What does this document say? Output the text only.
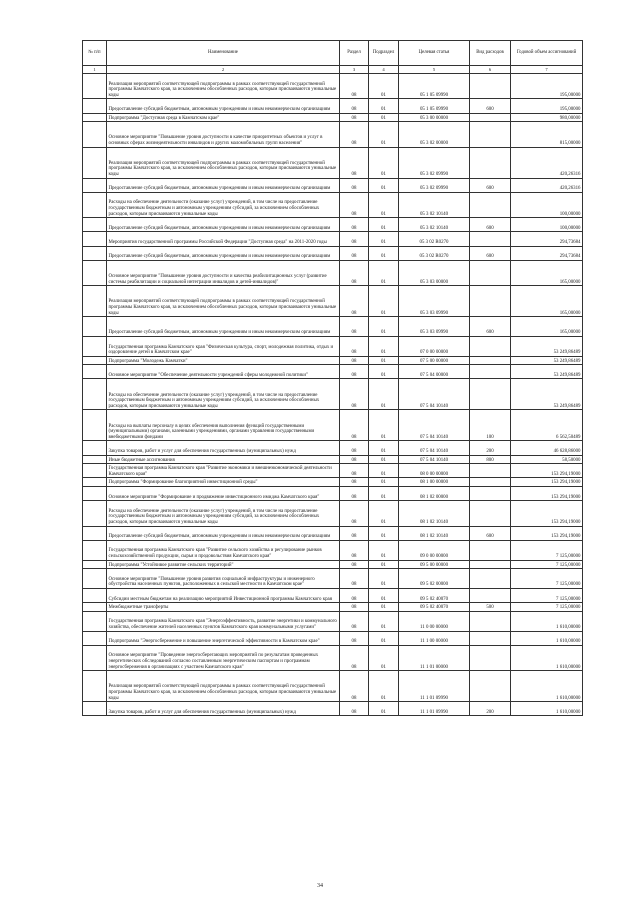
№ п/п	Наименование	Раздел	Подраздел	Целевая статья	Вид расходов	Годовой объем ассигнований
1	2	3	4	5	6	7
	Реализация мероприятий соответствующей подпрограммы в рамках соответствующей государственной программы Камчатского края, за исключением обособленных расходов, которым присваиваются уникальные коды	08	01	05 1 05 09990		195,00000
	Предоставление субсидий бюджетным, автономным учреждениям и иным некоммерческим организациям	08	01	05 1 05 09990	600	195,00000
	Подпрограмма "Доступная среда в Камчатском крае"	08	01	05 3 00 00000		980,00000
	Основное мероприятие "Повышение уровня доступности в качестве приоритетных объектов и услуг в основных сферах жизнедеятельности инвалидов и других маломобильных групп населения"	08	01	05 3 02 00000		815,00000
	Реализация мероприятий соответствующей подпрограммы в рамках соответствующей государственной программы Камчатского края, за исключением обособленных расходов, которым присваиваются уникальные коды	08	01	05 3 02 09990		420,26316
	Предоставление субсидий бюджетным, автономным учреждениям и иным некоммерческим организациям	08	01	05 3 02 09990	600	420,26316
	Расходы на обеспечение деятельности (оказание услуг) учреждений, в том числе на предоставление государственным бюджетным и автономным учреждениям субсидий, за исключением обособленных расходов, которым присваиваются уникальные коды	08	01	05 3 02 10140		100,00000
	Предоставление субсидий бюджетным, автономным учреждениям и иным некоммерческим организациям	08	01	05 3 02 10140	600	100,00000
	Мероприятия государственной программы Российской Федерации "Доступная среда" на 2011-2020 годы	08	01	05 3 02 R0270		294,73684
	Предоставление субсидий бюджетным, автономным учреждениям и иным некоммерческим организациям	08	01	05 3 02 R0270	600	294,73684
	Основное мероприятие "Повышение уровня доступности и качества реабилитационных услуг (развитие системы реабилитации и социальной интеграции инвалидов и детей-инвалидов)"	08	01	05 3 03 00000		165,00000
	Реализация мероприятий соответствующей подпрограммы в рамках соответствующей государственной программы Камчатского края, за исключением обособленных расходов, которым присваиваются уникальные коды	08	01	05 3 03 09990		165,00000
	Предоставление субсидий бюджетным, автономным учреждениям и иным некоммерческим организациям	08	01	05 3 03 09990	600	165,00000
	Государственная программа Камчатского края "Физическая культура, спорт, молодежная политика, отдых и оздоровление детей в Камчатском крае"	08	01	07 0 00 00000		53 249,86489
	Подпрограмма "Молодежь Камчатки"	08	01	07 5 00 00000		53 249,86489
	Основное мероприятие "Обеспечение деятельности учреждений сферы молодежной политики"	08	01	07 5 04 00000		53 249,86489
	Расходы на обеспечение деятельности (оказание услуг) учреждений, в том числе на предоставление государственным бюджетным и автономным учреждениям субсидий, за исключением обособленных расходов, которым присваиваются уникальные коды	08	01	07 5 04 10140		53 249,86489
	Расходы на выплаты персоналу в целях обеспечения выполнения функций государственными (муниципальными) органами, казенными учреждениями, органами управления государственными внебюджетными фондами	08	01	07 5 04 10140	100	6 562,50489
	Закупка товаров, работ и услуг для обеспечения государственных (муниципальных) нужд	08	01	07 5 04 10140	200	46 628,86000
	Иные бюджетные ассигнования	08	01	07 5 04 10140	800	58,50000
	Государственная программа Камчатского края "Развитие экономики и внешнеэкономической деятельности Камчатского края"	08	01	08 0 00 00000		153 294,19000
	Подпрограмма "Формирование благоприятной инвестиционной среды"	08	01	08 1 00 00000		153 294,19000
	Основное мероприятие "Формирование и продвижение инвестиционного имиджа Камчатского края"	08	01	08 1 02 00000		153 294,19000
	Расходы на обеспечение деятельности (оказание услуг) учреждений, в том числе на предоставление государственным бюджетным и автономным учреждениям субсидий, за исключением обособленных расходов, которым присваиваются уникальные коды	08	01	08 1 02 10140		153 294,19000
	Предоставление субсидий бюджетным, автономным учреждениям и иным некоммерческим организациям	08	01	08 1 02 10140	600	153 294,19000
	Государственная программа Камчатского края "Развитие сельского хозяйства и регулирование рынков сельскохозяйственной продукции, сырья и продовольствия Камчатского края"	08	01	09 0 00 00000		7 125,00000
	Подпрограмма "Устойчивое развитие сельских территорий"	08	01	09 5 00 00000		7 125,00000
	Основное мероприятие "Повышение уровня развития социальной инфраструктуры и инженерного обустройства населенных пунктов, расположенных в сельской местности в Камчатском крае"	08	01	09 5 02 00000		7 125,00000
	Субсидии местным бюджетам на реализацию мероприятий Инвестиционной программы Камчатского края	08	01	09 5 02 40070		7 125,00000
	Межбюджетные трансферты	08	01	09 5 02 40070	500	7 125,00000
	Государственная программа Камчатского края "Энергоэффективность, развитие энергетики и коммунального хозяйства, обеспечение жителей населенных пунктов Камчатского края коммунальными услугами"	08	01	11 0 00 00000		1 610,00000
	Подпрограмма "Энергосбережение и повышение энергетической эффективности в Камчатском крае"	08	01	11 1 00 00000		1 610,00000
	Основное мероприятие "Проведение энергосберегающих мероприятий по результатам проведенных энергетических обследований согласно составленным энергетическим паспортам и программам энергосбережения в организациях с участием Камчатского края"	08	01	11 1 01 00000		1 610,00000
	Реализация мероприятий соответствующей подпрограммы в рамках соответствующей государственной программы Камчатского края, за исключением обособленных расходов, которым присваиваются уникальные коды	08	01	11 1 01 09990		1 610,00000
	Закупка товаров, работ и услуг для обеспечения государственных (муниципальных) нужд	08	01	11 1 01 09990	200	1 610,00000
34
